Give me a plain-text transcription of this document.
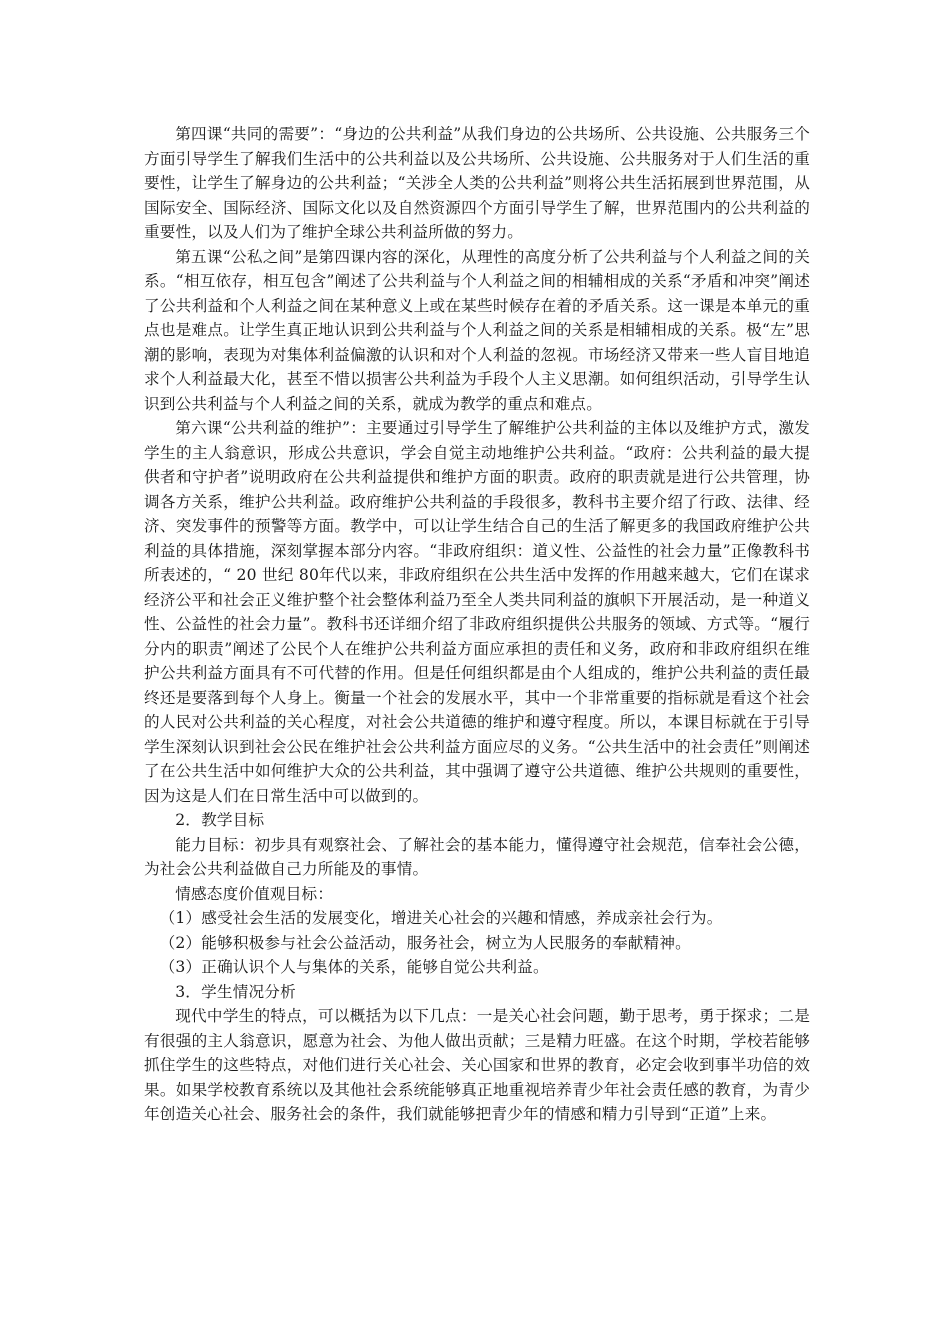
第四课“共同的需要”：“身边的公共利益”从我们身边的公共场所、公共设施、公共服务三个方面引导学生了解我们生活中的公共利益以及公共场所、公共设施、公共服务对于人们生活的重要性，让学生了解身边的公共利益；“关涉全人类的公共利益”则将公共生活拓展到世界范围，从国际安全、国际经济、国际文化以及自然资源四个方面引导学生了解，世界范围内的公共利益的重要性，以及人们为了维护全球公共利益所做的努力。

第五课“公私之间”是第四课内容的深化，从理性的高度分析了公共利益与个人利益之间的关系。“相互依存，相互包含”阐述了公共利益与个人利益之间的相辅相成的关系“矛盾和冲突”阐述了公共利益和个人利益之间在某种意义上或在某些时候存在着的矛盾关系。这一课是本单元的重点也是难点。让学生真正地认识到公共利益与个人利益之间的关系是相辅相成的关系。极“左”思潮的影响，表现为对集体利益偏激的认识和对个人利益的忽视。市场经济又带来一些人盲目地追求个人利益最大化，甚至不惜以损害公共利益为手段个人主义思潮。如何组织活动，引导学生认识到公共利益与个人利益之间的关系，就成为教学的重点和难点。

第六课“公共利益的维护”：主要通过引导学生了解维护公共利益的主体以及维护方式，激发学生的主人翁意识，形成公共意识，学会自觉主动地维护公共利益。“政府：公共利益的最大提供者和守护者”说明政府在公共利益提供和维护方面的职责。政府的职责就是进行公共管理，协调各方关系，维护公共利益。政府维护公共利益的手段很多，教科书主要介绍了行政、法律、经济、突发事件的预警等方面。教学中，可以让学生结合自己的生活了解更多的我国政府维护公共利益的具体措施，深刻掌握本部分内容。“非政府组织：道义性、公益性的社会力量”正像教科书所表述的，“ 20 世纪 80年代以来，非政府组织在公共生活中发挥的作用越来越大，它们在谋求经济公平和社会正义维护整个社会整体利益乃至全人类共同利益的旗帜下开展活动，是一种道义性、公益性的社会力量”。教科书还详细介绍了非政府组织提供公共服务的领域、方式等。“履行分内的职责”阐述了公民个人在维护公共利益方面应承担的责任和义务，政府和非政府组织在维护公共利益方面具有不可代替的作用。但是任何组织都是由个人组成的，维护公共利益的责任最终还是要落到每个人身上。衡量一个社会的发展水平，其中一个非常重要的指标就是看这个社会的人民对公共利益的关心程度，对社会公共道德的维护和遵守程度。所以，本课目标就在于引导学生深刻认识到社会公民在维护社会公共利益方面应尽的义务。“公共生活中的社会责任”则阐述了在公共生活中如何维护大众的公共利益，其中强调了遵守公共道德、维护公共规则的重要性，因为这是人们在日常生活中可以做到的。

2．教学目标

能力目标：初步具有观察社会、了解社会的基本能力，懂得遵守社会规范，信奉社会公德，为社会公共利益做自己力所能及的事情。

情感态度价值观目标：

（1）感受社会生活的发展变化，增进关心社会的兴趣和情感，养成亲社会行为。

（2）能够积极参与社会公益活动，服务社会，树立为人民服务的奉献精神。

（3）正确认识个人与集体的关系，能够自觉公共利益。

3．学生情况分析

现代中学生的特点，可以概括为以下几点：一是关心社会问题，勤于思考，勇于探求；二是有很强的主人翁意识，愿意为社会、为他人做出贡献；三是精力旺盛。在这个时期，学校若能够抓住学生的这些特点，对他们进行关心社会、关心国家和世界的教育，必定会收到事半功倍的效果。如果学校教育系统以及其他社会系统能够真正地重视培养青少年社会责任感的教育，为青少年创造关心社会、服务社会的条件，我们就能够把青少年的情感和精力引导到“正道”上来。
